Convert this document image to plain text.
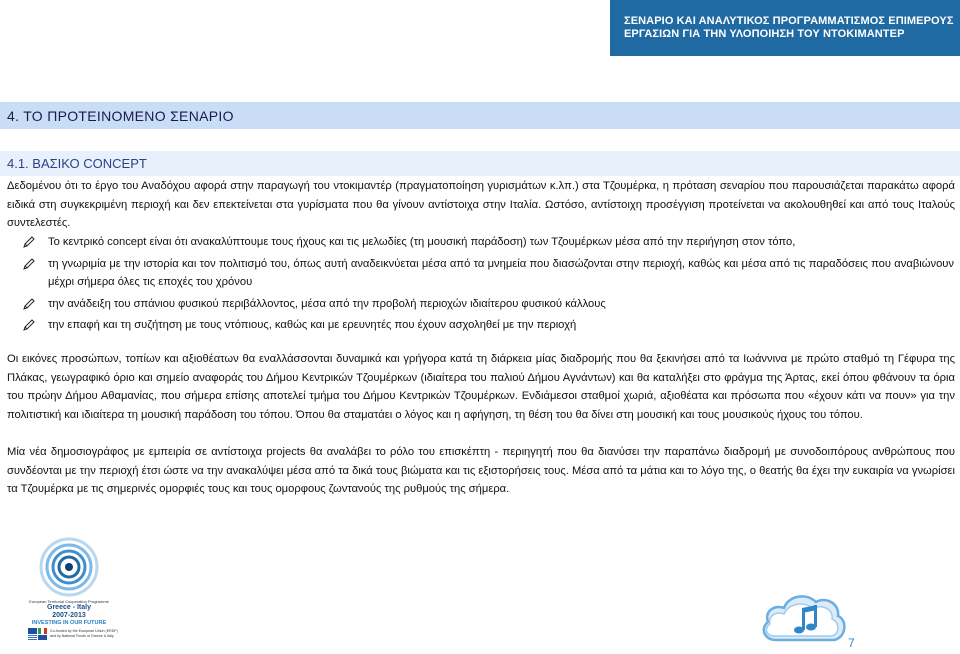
ΣΕΝΑΡΙΟ ΚΑΙ ΑΝΑΛΥΤΙΚΟΣ ΠΡΟΓΡΑΜΜΑΤΙΣΜΟΣ ΕΠΙΜΕΡΟΥΣ
ΕΡΓΑΣΙΩΝ ΓΙΑ ΤΗΝ ΥΛΟΠΟΙΗΣΗ ΤΟΥ ΝΤΟΚΙΜΑΝΤΕΡ
4. ΤΟ ΠΡΟΤΕΙΝΟΜΕΝΟ ΣΕΝΑΡΙΟ
4.1. ΒΑΣΙΚΟ CONCEPT

Δεδομένου ότι το έργο του Αναδόχου αφορά στην παραγωγή του ντοκιμαντέρ (πραγματοποίηση γυρισμάτων κ.λπ.) στα Τζουμέρκα, η πρόταση σεναρίου που παρουσιάζεται παρακάτω αφορά ειδικά στη συγκεκριμένη περιοχή και δεν επεκτείνεται στα γυρίσματα που θα γίνουν αντίστοιχα στην Ιταλία. Ωστόσο, αντίστοιχη προσέγγιση προτείνεται να ακολουθηθεί και από τους Ιταλούς συντελεστές.

Το κεντρικό concept είναι ότι ανακαλύπτουμε τους ήχους και τις μελωδίες (τη μουσική παράδοση) των Τζουμέρκων μέσα από την περιήγηση στον τόπο,
τη γνωριμία με την ιστορία και τον πολιτισμό του, όπως αυτή αναδεικνύεται μέσα από τα μνημεία που διασώζονται στην περιοχή, καθώς και μέσα από τις παραδόσεις που αναβιώνουν μέχρι σήμερα όλες τις εποχές του χρόνου
την ανάδειξη του σπάνιου φυσικού περιβάλλοντος, μέσα από την προβολή περιοχών ιδιαίτερου φυσικού κάλλους
την επαφή και τη συζήτηση με τους ντόπιους, καθώς και με ερευνητές που έχουν ασχοληθεί με την περιοχή

Οι εικόνες προσώπων, τοπίων και αξιοθέατων θα εναλλάσσονται δυναμικά και γρήγορα κατά τη διάρκεια μίας διαδρομής που θα ξεκινήσει από τα Ιωάννινα με πρώτο σταθμό τη Γέφυρα της Πλάκας, γεωγραφικό όριο και σημείο αναφοράς του Δήμου Κεντρικών Τζουμέρκων (ιδιαίτερα του παλιού Δήμου Αγνάντων) και θα καταλήξει στο φράγμα της Άρτας, εκεί όπου φθάνουν τα όρια του πρώην Δήμου Αθαμανίας, που σήμερα επίσης αποτελεί τμήμα του Δήμου Κεντρικών Τζουμέρκων. Ενδιάμεσοι σταθμοί χωριά, αξιοθέατα και πρόσωπα που «έχουν κάτι να πουν» για την πολιτιστική και ιδιαίτερα τη μουσική παράδοση του τόπου. Όπου θα σταματάει ο λόγος και η αφήγηση, τη θέση του θα δίνει στη μουσική και τους μουσικούς ήχους του τόπου.

Μία νέα δημοσιογράφος με εμπειρία σε αντίστοιχα projects θα αναλάβει το ρόλο του επισκέπτη - περιηγητή που θα διανύσει την παραπάνω διαδρομή με συνοδοιπόρους ανθρώπους που συνδέονται με την περιοχή έτσι ώστε να την ανακαλύψει μέσα από τα δικά τους βιώματα και τις εξιστορήσεις τους. Μέσα από τα μάτια και το λόγο της, ο θεατής θα έχει την ευκαιρία να γνωρίσει τα Τζουμέρκα με τις σημερινές ομορφιές τους και τους ομορφους ζωντανούς της ρυθμούς της σήμερα.

European Territorial Cooperation Programme
Greece - Italy
2007-2013
INVESTING IN OUR FUTURE
Co-funded by the European Union (ERDF)
and by National Funds of Greece & Italy	7
